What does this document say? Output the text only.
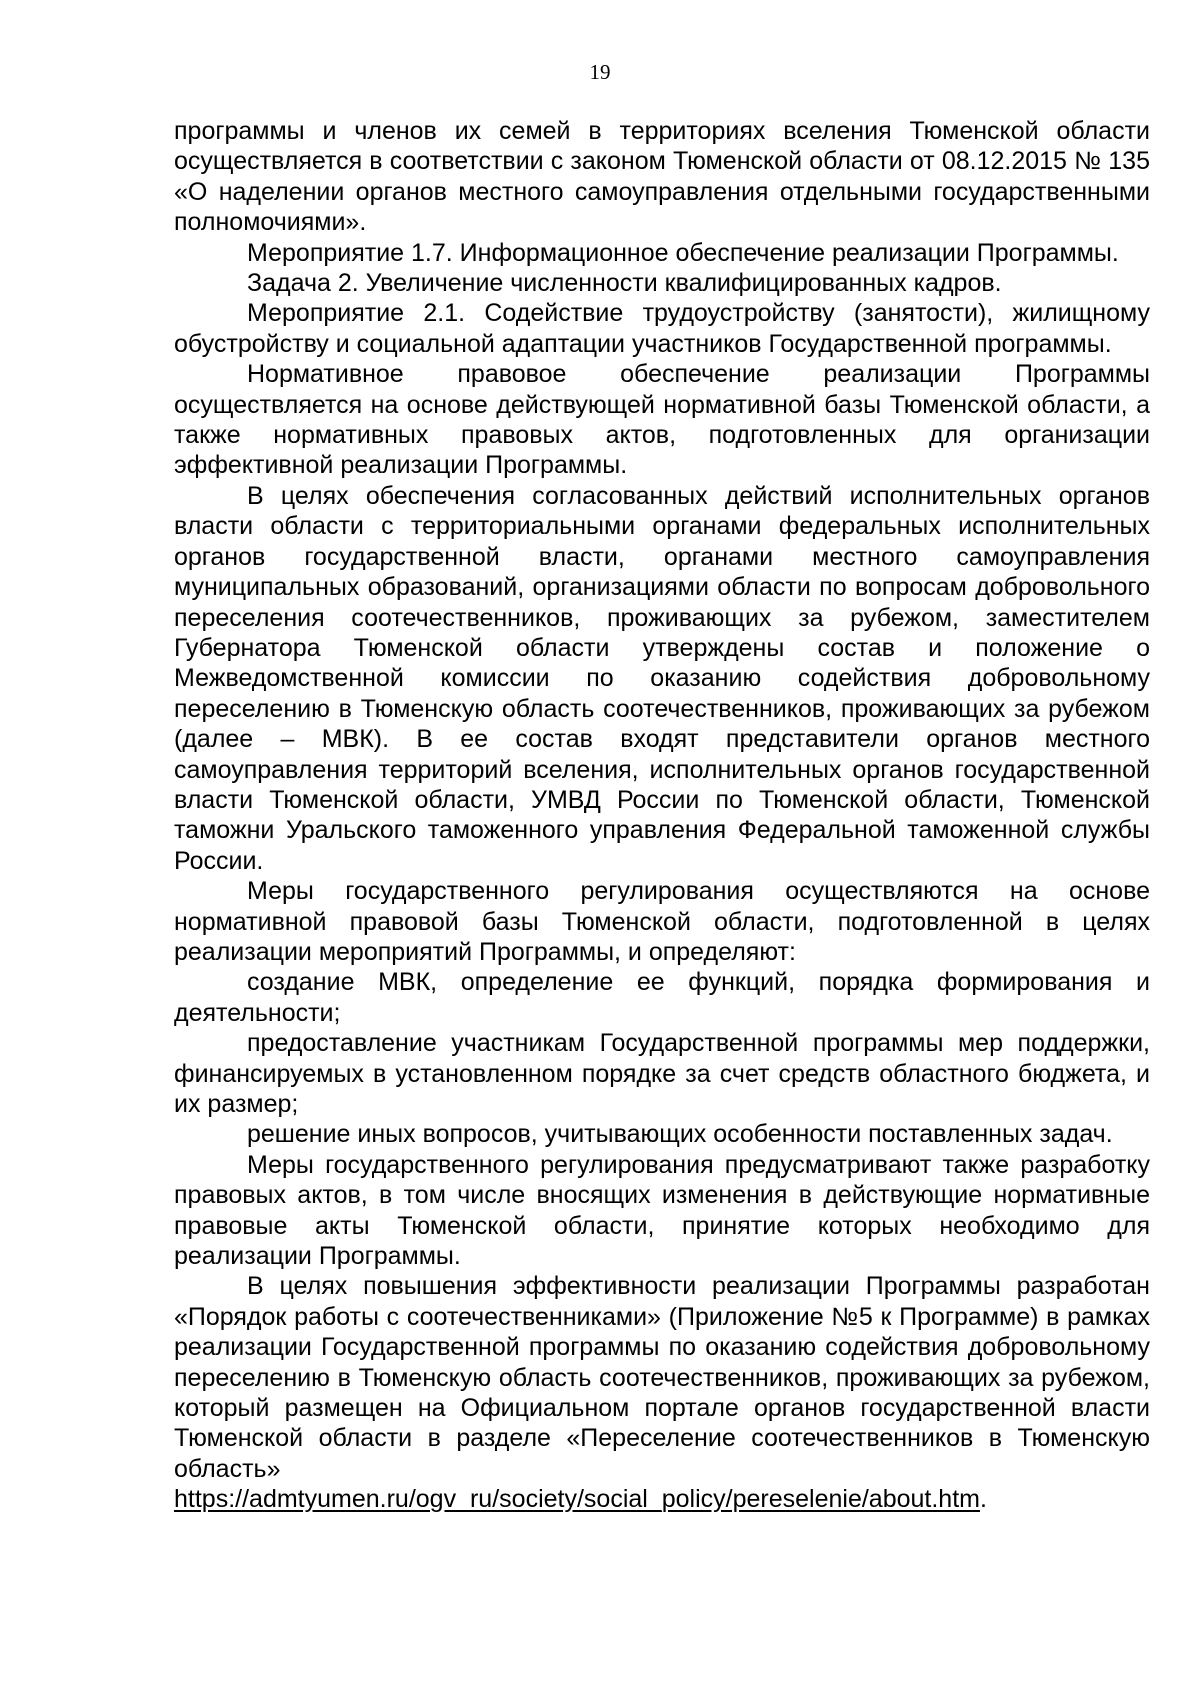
19

программы и членов их семей в территориях вселения Тюменской области осуществляется в соответствии с законом Тюменской области от 08.12.2015 № 135 «О наделении органов местного самоуправления отдельными государственными полномочиями».

Мероприятие 1.7. Информационное обеспечение реализации Программы.

Задача 2. Увеличение численности квалифицированных кадров.

Мероприятие 2.1. Содействие трудоустройству (занятости), жилищному обустройству и социальной адаптации участников Государственной программы.

Нормативное правовое обеспечение реализации Программы осуществляется на основе действующей нормативной базы Тюменской области, а также нормативных правовых актов, подготовленных для организации эффективной реализации Программы.

В целях обеспечения согласованных действий исполнительных органов власти области с территориальными органами федеральных исполнительных органов государственной власти, органами местного самоуправления муниципальных образований, организациями области по вопросам добровольного переселения соотечественников, проживающих за рубежом, заместителем Губернатора Тюменской области утверждены состав и положение о Межведомственной комиссии по оказанию содействия добровольному переселению в Тюменскую область соотечественников, проживающих за рубежом (далее – МВК). В ее состав входят представители органов местного самоуправления территорий вселения, исполнительных органов государственной власти Тюменской области, УМВД России по Тюменской области, Тюменской таможни Уральского таможенного управления Федеральной таможенной службы России.

Меры государственного регулирования осуществляются на основе нормативной правовой базы Тюменской области, подготовленной в целях реализации мероприятий Программы, и определяют:

создание МВК, определение ее функций, порядка формирования и деятельности;

предоставление участникам Государственной программы мер поддержки, финансируемых в установленном порядке за счет средств областного бюджета, и их размер;

решение иных вопросов, учитывающих особенности поставленных задач.

Меры государственного регулирования предусматривают также разработку правовых актов, в том числе вносящих изменения в действующие нормативные правовые акты Тюменской области, принятие которых необходимо для реализации Программы.

В целях повышения эффективности реализации Программы разработан «Порядок работы с соотечественниками» (Приложение №5 к Программе) в рамках реализации Государственной программы по оказанию содействия добровольному переселению в Тюменскую область соотечественников, проживающих за рубежом, который размещен на Официальном портале органов государственной власти Тюменской области в разделе «Переселение соотечественников в Тюменскую область»

https://admtyumen.ru/ogv_ru/society/social_policy/pereselenie/about.htm.
